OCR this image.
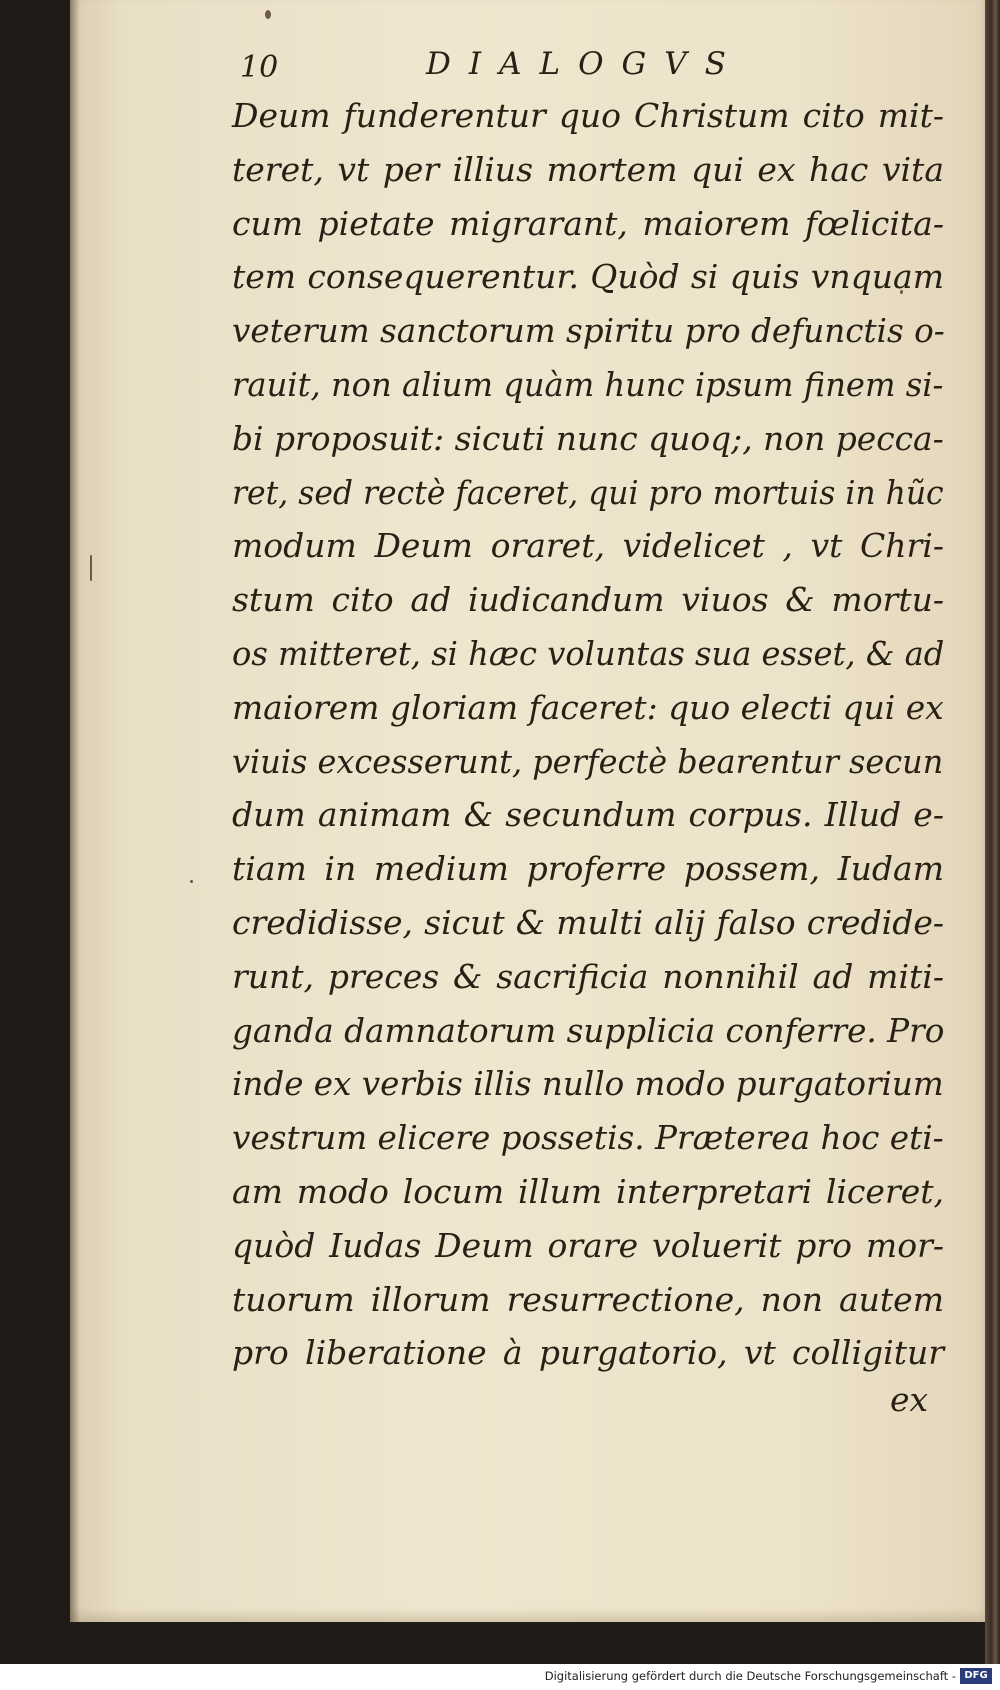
10	DIALOGVS
Deum funderentur quo Christum cito mit-
teret, vt per illius mortem qui ex hac vita
cum pietate migrarant, maiorem fœlicita-
tem consequerentur. Quòd si quis vnquam
veterum sanctorum spiritu pro defunctis o-
rauit, non alium quàm hunc ipsum finem si-
bi proposuit: sicuti nunc quoq;, non pecca-
ret, sed rectè faceret, qui pro mortuis in hũc
modum Deum oraret, videlicet , vt Chri-
stum cito ad iudicandum viuos & mortu-
os mitteret, si hæc voluntas sua esset, & ad
maiorem gloriam faceret: quo electi qui ex
viuis excesserunt, perfectè bearentur secun
dum animam & secundum corpus. Illud e-
tiam in medium proferre possem, Iudam
credidisse, sicut & multi alij falso credide-
runt, preces & sacrificia nonnihil ad miti-
ganda damnatorum supplicia conferre. Pro
inde ex verbis illis nullo modo purgatorium
vestrum elicere possetis. Præterea hoc eti-
am modo locum illum interpretari liceret,
quòd Iudas Deum orare voluerit pro mor-
tuorum illorum resurrectione, non autem
pro liberatione à purgatorio, vt colligitur
ex
Digitalisierung gefördert durch die Deutsche Forschungsgemeinschaft - DFG
